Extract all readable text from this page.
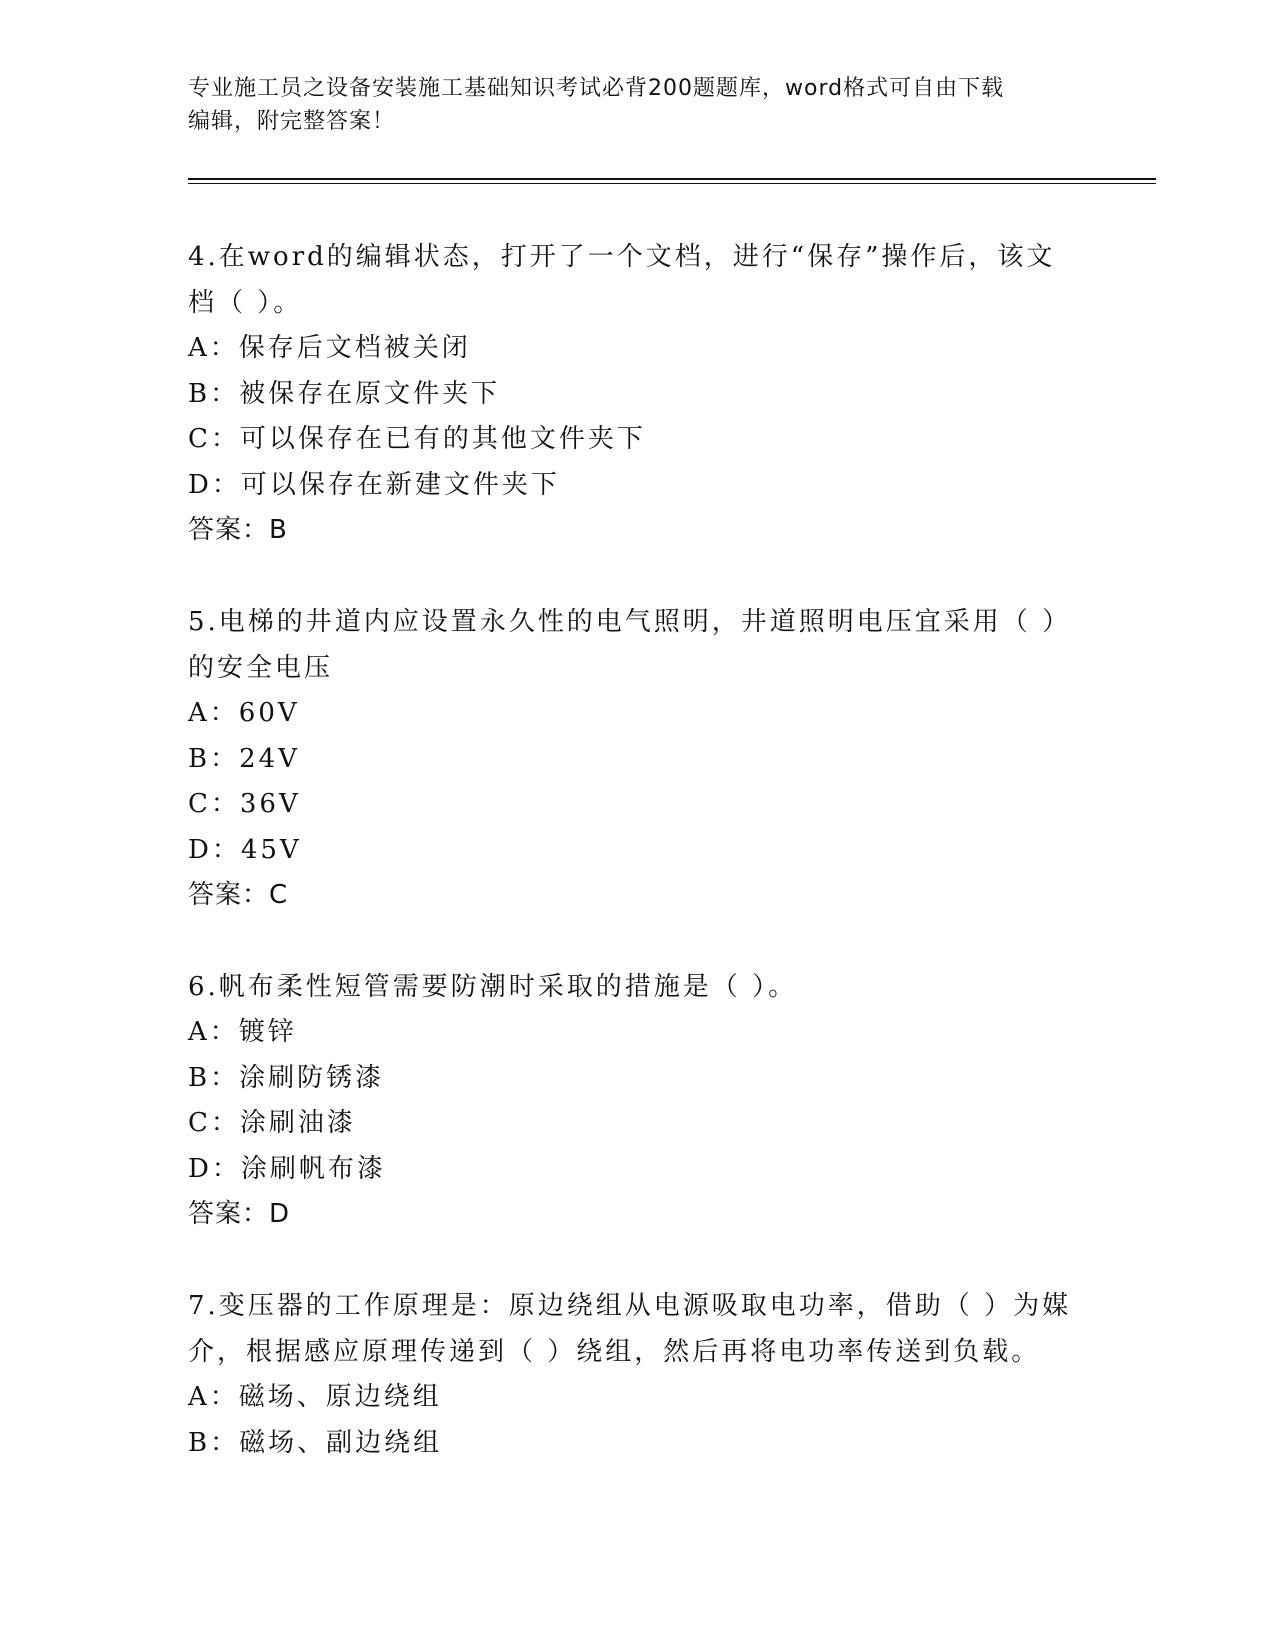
专业施工员之设备安装施工基础知识考试必背200题题库，word格式可自由下载
编辑，附完整答案！

4.在word的编辑状态，打开了一个文档，进行“保存”操作后，该文

档（ ）。

A：保存后文档被关闭

B：被保存在原文件夹下

C：可以保存在已有的其他文件夹下

D：可以保存在新建文件夹下

答案：B

5.电梯的井道内应设置永久性的电气照明，井道照明电压宜采用（ ）

的安全电压

A：60V

B：24V

C：36V

D：45V

答案：C

6.帆布柔性短管需要防潮时采取的措施是（ ）。

A：镀锌

B：涂刷防锈漆

C：涂刷油漆

D：涂刷帆布漆

答案：D

7.变压器的工作原理是：原边绕组从电源吸取电功率，借助（ ）为媒

介，根据感应原理传递到（ ）绕组，然后再将电功率传送到负载。

A：磁场、原边绕组

B：磁场、副边绕组
